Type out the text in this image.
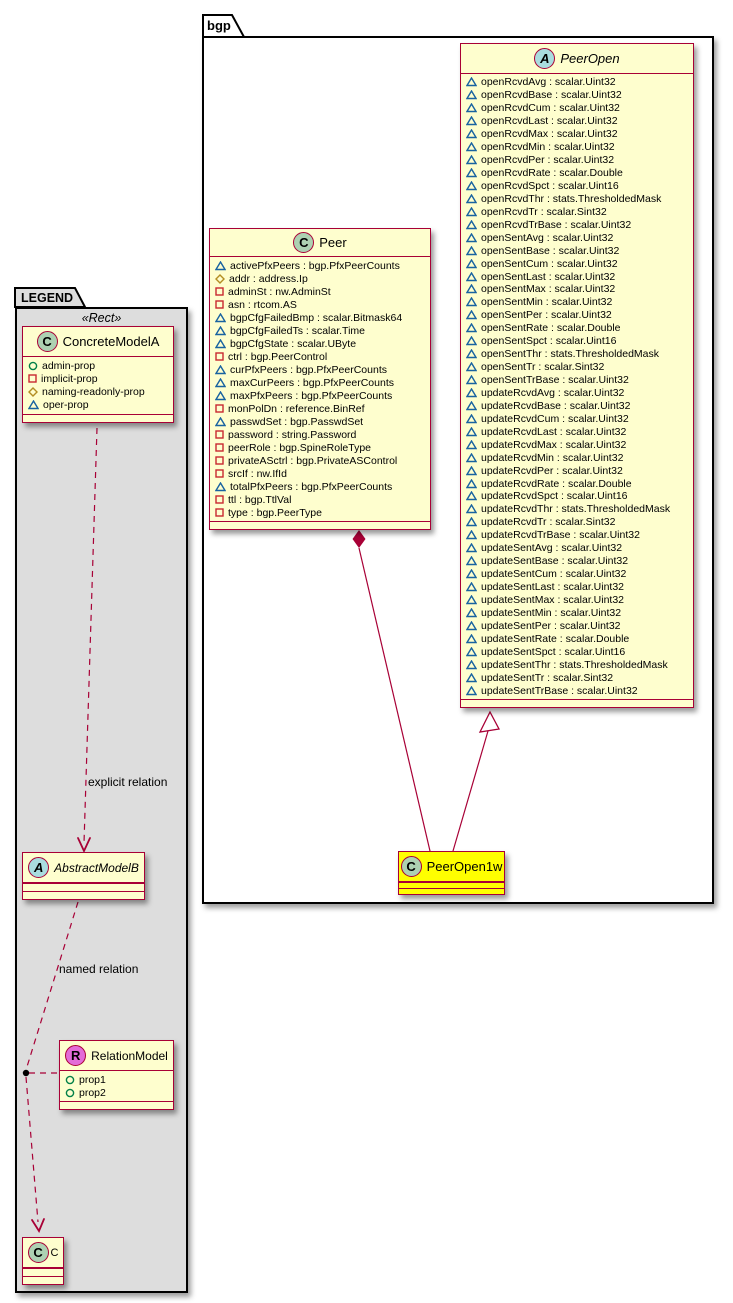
bgp
LEGEND
«Rect»
A PeerOpen
openRcvdAvg : scalar.Uint32
openRcvdBase : scalar.Uint32
openRcvdCum : scalar.Uint32
openRcvdLast : scalar.Uint32
openRcvdMax : scalar.Uint32
openRcvdMin : scalar.Uint32
openRcvdPer : scalar.Uint32
openRcvdRate : scalar.Double
openRcvdSpct : scalar.Uint16
openRcvdThr : stats.ThresholdedMask
openRcvdTr : scalar.Sint32
openRcvdTrBase : scalar.Uint32
openSentAvg : scalar.Uint32
openSentBase : scalar.Uint32
openSentCum : scalar.Uint32
openSentLast : scalar.Uint32
openSentMax : scalar.Uint32
openSentMin : scalar.Uint32
openSentPer : scalar.Uint32
openSentRate : scalar.Double
openSentSpct : scalar.Uint16
openSentThr : stats.ThresholdedMask
openSentTr : scalar.Sint32
openSentTrBase : scalar.Uint32
updateRcvdAvg : scalar.Uint32
updateRcvdBase : scalar.Uint32
updateRcvdCum : scalar.Uint32
updateRcvdLast : scalar.Uint32
updateRcvdMax : scalar.Uint32
updateRcvdMin : scalar.Uint32
updateRcvdPer : scalar.Uint32
updateRcvdRate : scalar.Double
updateRcvdSpct : scalar.Uint16
updateRcvdThr : stats.ThresholdedMask
updateRcvdTr : scalar.Sint32
updateRcvdTrBase : scalar.Uint32
updateSentAvg : scalar.Uint32
updateSentBase : scalar.Uint32
updateSentCum : scalar.Uint32
updateSentLast : scalar.Uint32
updateSentMax : scalar.Uint32
updateSentMin : scalar.Uint32
updateSentPer : scalar.Uint32
updateSentRate : scalar.Double
updateSentSpct : scalar.Uint16
updateSentThr : stats.ThresholdedMask
updateSentTr : scalar.Sint32
updateSentTrBase : scalar.Uint32
C Peer
activePfxPeers : bgp.PfxPeerCounts
addr : address.Ip
adminSt : nw.AdminSt
asn : rtcom.AS
bgpCfgFailedBmp : scalar.Bitmask64
bgpCfgFailedTs : scalar.Time
bgpCfgState : scalar.UByte
ctrl : bgp.PeerControl
curPfxPeers : bgp.PfxPeerCounts
maxCurPeers : bgp.PfxPeerCounts
maxPfxPeers : bgp.PfxPeerCounts
monPolDn : reference.BinRef
passwdSet : bgp.PasswdSet
password : string.Password
peerRole : bgp.SpineRoleType
privateASctrl : bgp.PrivateASControl
srcIf : nw.IfId
totalPfxPeers : bgp.PfxPeerCounts
ttl : bgp.TtlVal
type : bgp.PeerType
C PeerOpen1w
C ConcreteModelA
admin-prop
implicit-prop
naming-readonly-prop
oper-prop
A AbstractModelB
R RelationModel
prop1
prop2
C C
explicit relation
named relation
